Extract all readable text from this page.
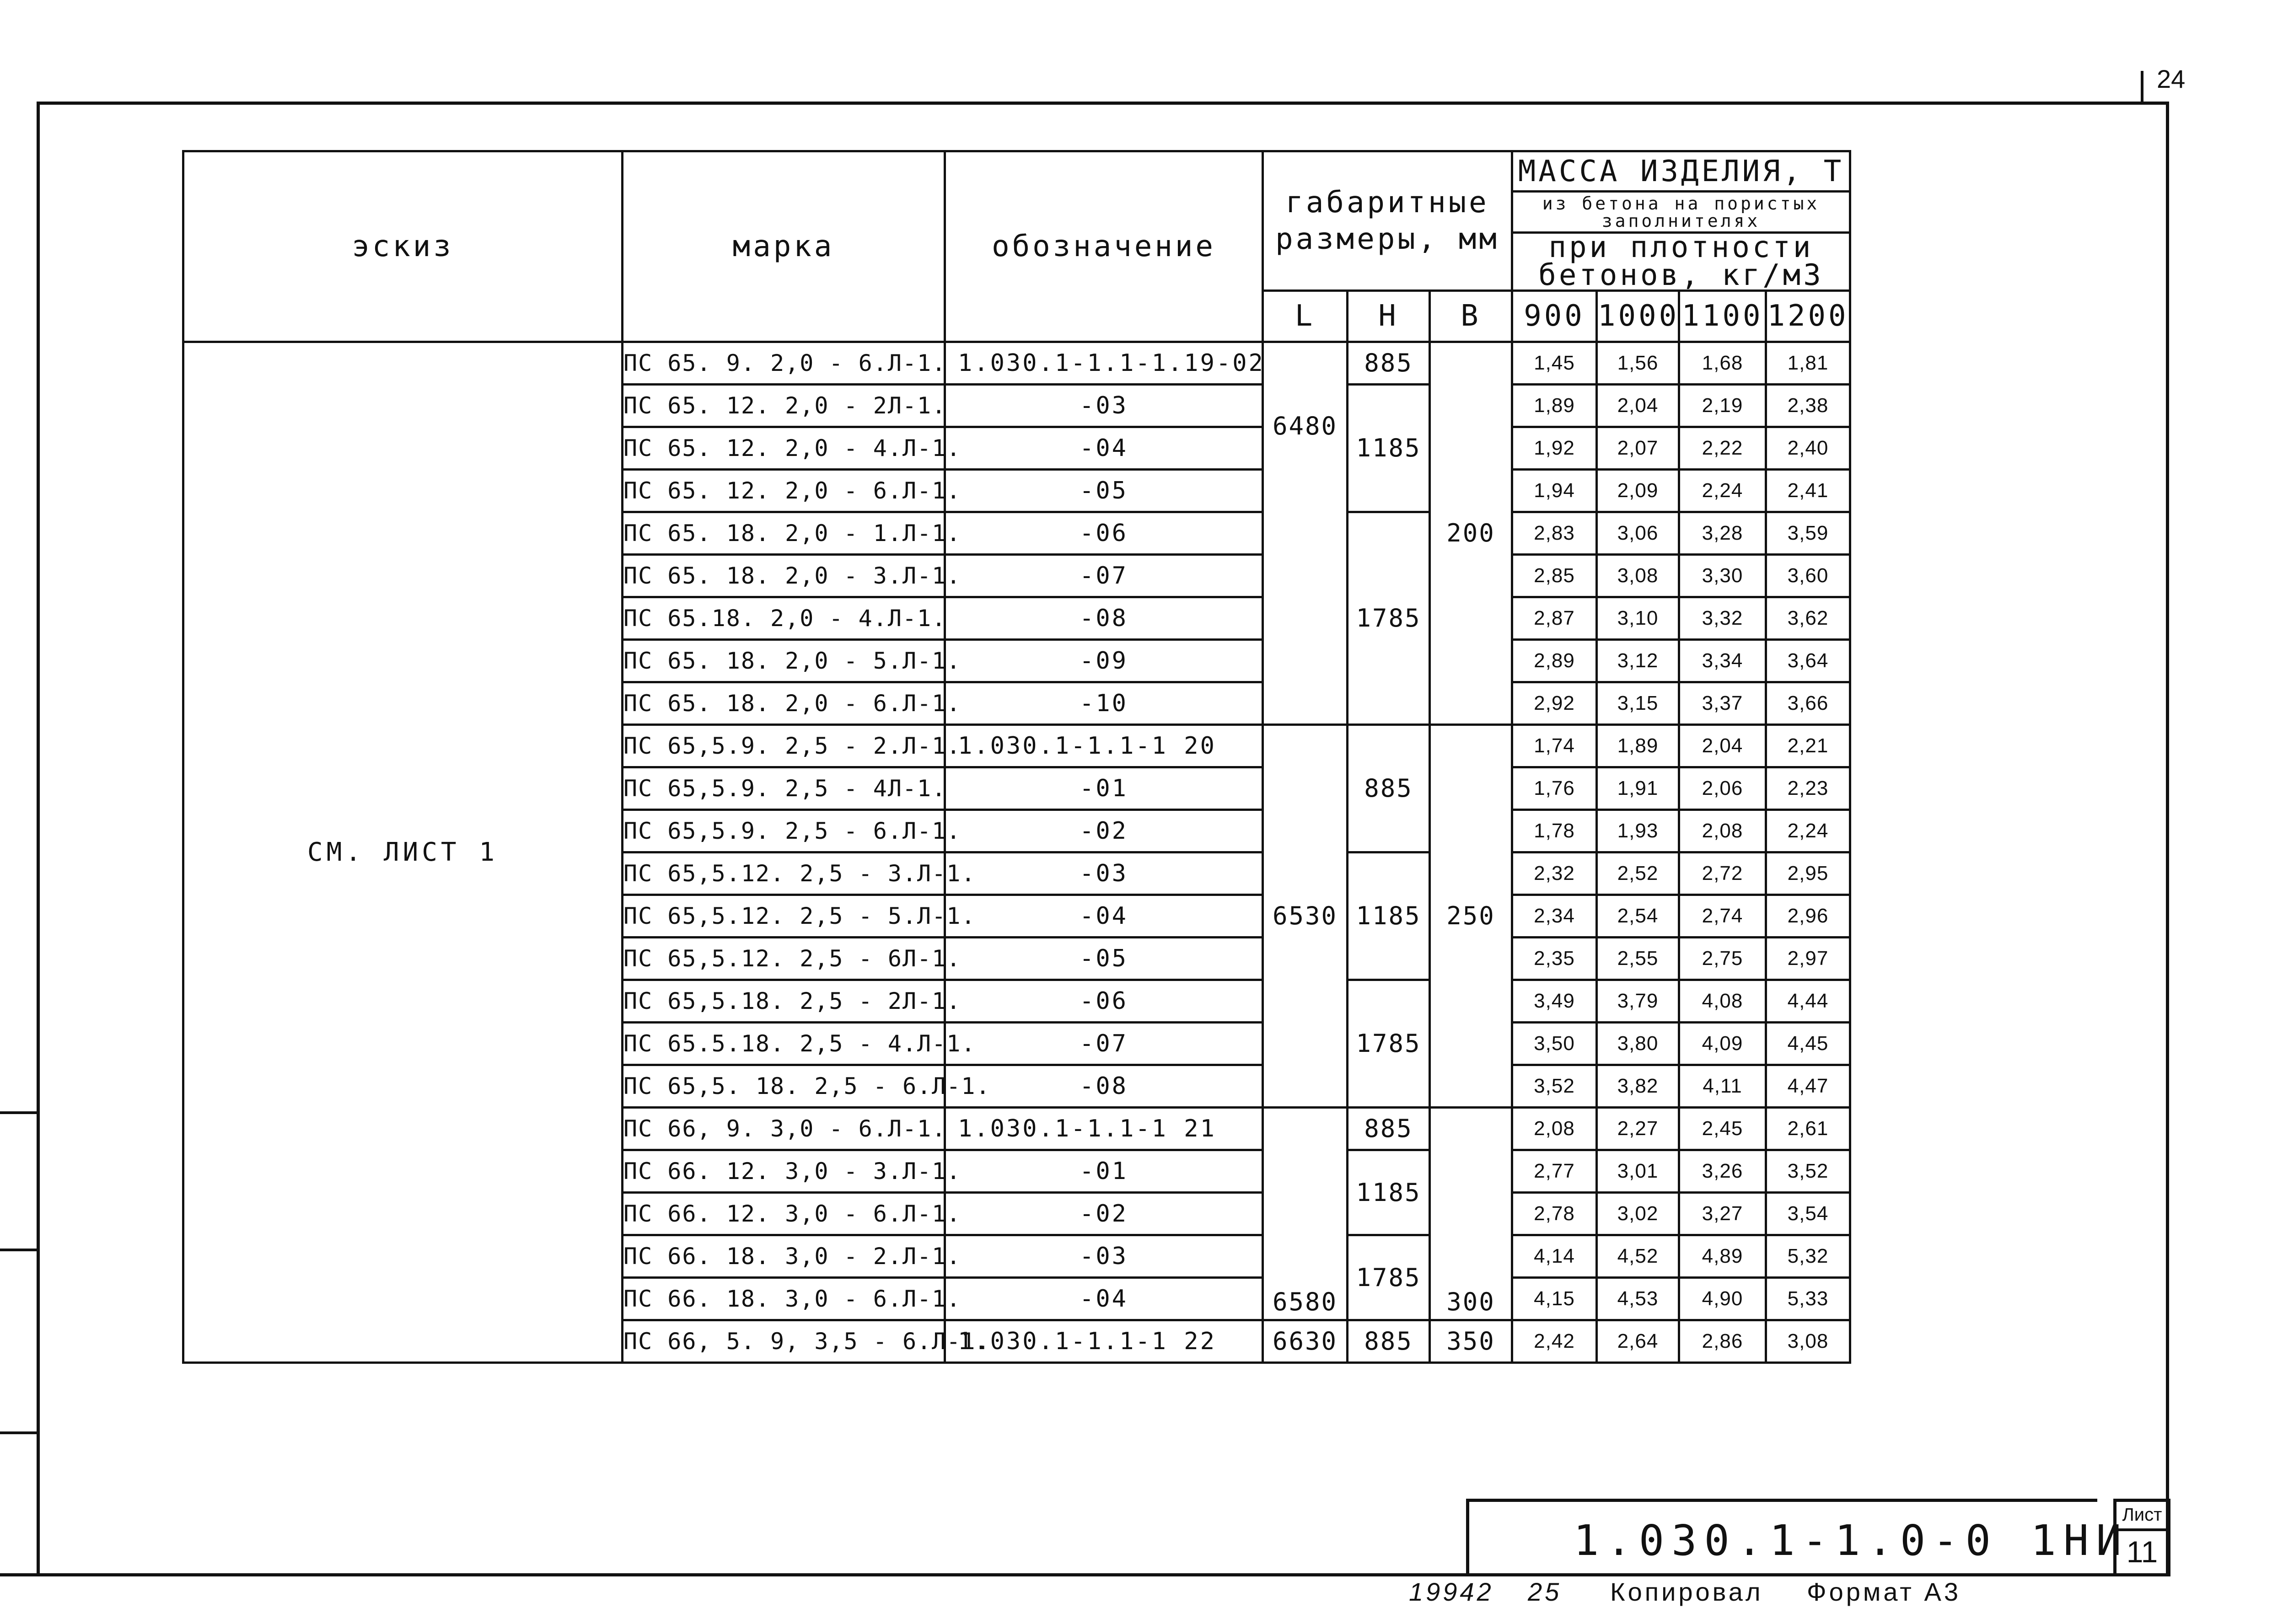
24
эскиз	марка	обозначение	габаритные размеры, мм			МАССА ИЗДЕЛИЯ, Т			
						из бетона на пористых заполнителях			
						при плотности бетонов, кг/м3			
			L	Н	В	900	1000	1100	1200
СМ. ЛИСТ 1	ПС 65. 9. 2,0 - 6.Л-1.	1.030.1-1.1-1.19-02	6480	885	200	1,45	1,56	1,68	1,81
	ПС 65. 12. 2,0 - 2Л-1.	-03		1185		1,89	2,04	2,19	2,38
	ПС 65. 12. 2,0 - 4.Л-1.	-04				1,92	2,07	2,22	2,40
	ПС 65. 12. 2,0 - 6.Л-1.	-05				1,94	2,09	2,24	2,41
	ПС 65. 18. 2,0 - 1.Л-1.	-06		1785		2,83	3,06	3,28	3,59
	ПС 65. 18. 2,0 - 3.Л-1.	-07				2,85	3,08	3,30	3,60
	ПС 65.18. 2,0 - 4.Л-1.	-08				2,87	3,10	3,32	3,62
	ПС 65. 18. 2,0 - 5.Л-1.	-09				2,89	3,12	3,34	3,64
	ПС 65. 18. 2,0 - 6.Л-1.	-10				2,92	3,15	3,37	3,66
	ПС 65,5.9. 2,5 - 2.Л-1.	1.030.1-1.1-1 20	6530	885	250	1,74	1,89	2,04	2,21
	ПС 65,5.9. 2,5 - 4Л-1.	-01				1,76	1,91	2,06	2,23
	ПС 65,5.9. 2,5 - 6.Л-1.	-02				1,78	1,93	2,08	2,24
	ПС 65,5.12. 2,5 - 3.Л-1.	-03		1185		2,32	2,52	2,72	2,95
	ПС 65,5.12. 2,5 - 5.Л-1.	-04				2,34	2,54	2,74	2,96
	ПС 65,5.12. 2,5 - 6Л-1.	-05				2,35	2,55	2,75	2,97
	ПС 65,5.18. 2,5 - 2Л-1.	-06		1785		3,49	3,79	4,08	4,44
	ПС 65.5.18. 2,5 - 4.Л-1.	-07				3,50	3,80	4,09	4,45
	ПС 65,5. 18. 2,5 - 6.Л-1.	-08				3,52	3,82	4,11	4,47
	ПС 66, 9. 3,0 - 6.Л-1.	1.030.1-1.1-1 21	6580	885	300	2,08	2,27	2,45	2,61
	ПС 66. 12. 3,0 - 3.Л-1.	-01		1185		2,77	3,01	3,26	3,52
	ПС 66. 12. 3,0 - 6.Л-1.	-02				2,78	3,02	3,27	3,54
	ПС 66. 18. 3,0 - 2.Л-1.	-03		1785		4,14	4,52	4,89	5,32
	ПС 66. 18. 3,0 - 6.Л-1.	-04				4,15	4,53	4,90	5,33
	ПС 66, 5. 9, 3,5 - 6.Л-1.	1.030.1-1.1-1 22	6630	885	350	2,42	2,64	2,86	3,08
1.030.1-1.0-0 1НИ
Лист
11
19942 25 Копировал Формат А3
